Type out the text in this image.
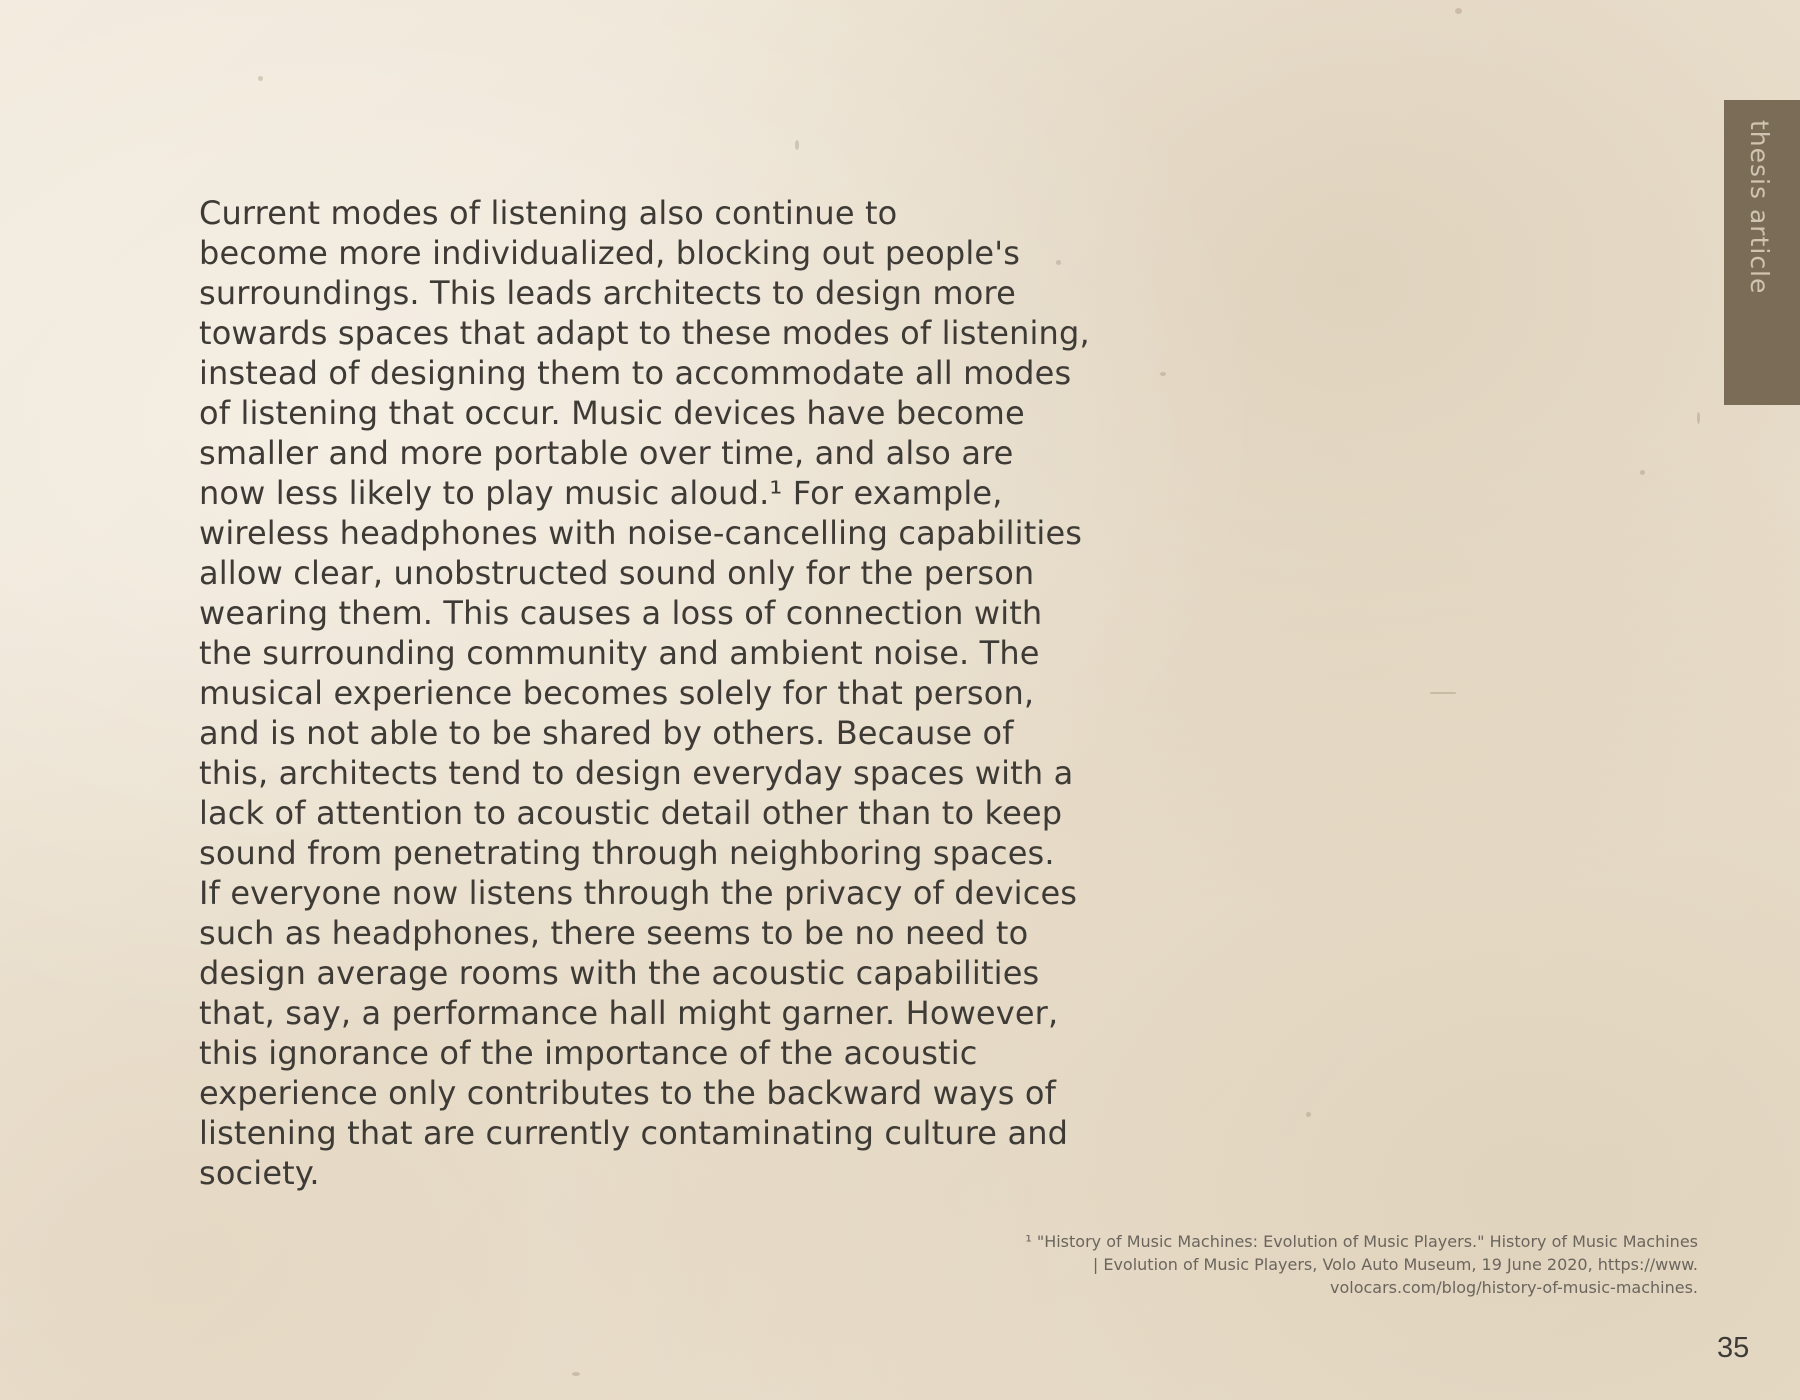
thesis article

Current modes of listening also continue to
become more individualized, blocking out people's
surroundings. This leads architects to design more
towards spaces that adapt to these modes of listening,
instead of designing them to accommodate all modes
of listening that occur. Music devices have become
smaller and more portable over time, and also are
now less likely to play music aloud.¹ For example,
wireless headphones with noise-cancelling capabilities
allow clear, unobstructed sound only for the person
wearing them. This causes a loss of connection with
the surrounding community and ambient noise. The
musical experience becomes solely for that person,
and is not able to be shared by others. Because of
this, architects tend to design everyday spaces with a
lack of attention to acoustic detail other than to keep
sound from penetrating through neighboring spaces.
If everyone now listens through the privacy of devices
such as headphones, there seems to be no need to
design average rooms with the acoustic capabilities
that, say, a performance hall might garner. However,
this ignorance of the importance of the acoustic
experience only contributes to the backward ways of
listening that are currently contaminating culture and
society.

¹ "History of Music Machines: Evolution of Music Players." History of Music Machines
| Evolution of Music Players, Volo Auto Museum, 19 June 2020, https://www.
volocars.com/blog/history-of-music-machines.

35
